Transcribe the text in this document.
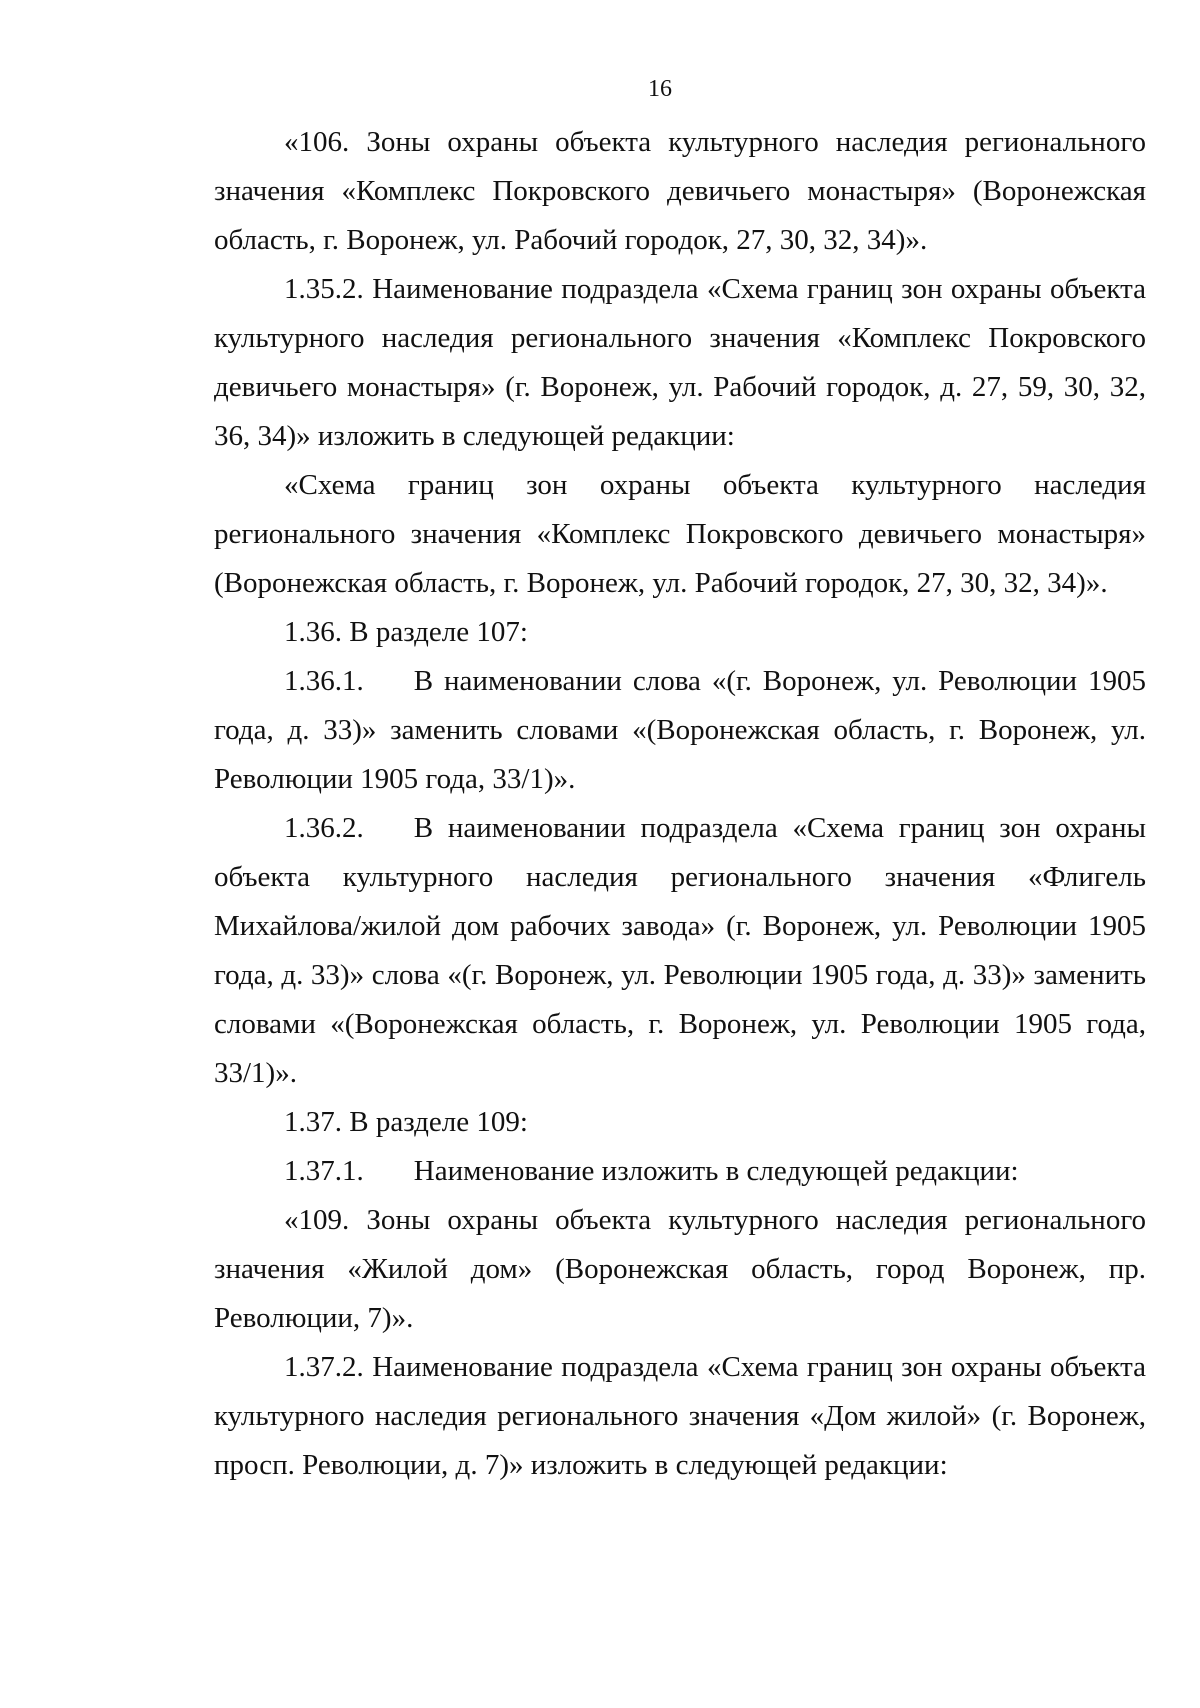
16

«106. Зоны охраны объекта культурного наследия регионального значения «Комплекс Покровского девичьего монастыря» (Воронежская область, г. Воронеж, ул. Рабочий городок, 27, 30, 32, 34)».

1.35.2. Наименование подраздела «Схема границ зон охраны объекта культурного наследия регионального значения «Комплекс Покровского девичьего монастыря» (г. Воронеж, ул. Рабочий городок, д. 27, 59, 30, 32, 36, 34)» изложить в следующей редакции:

«Схема границ зон охраны объекта культурного наследия регионального значения «Комплекс Покровского девичьего монастыря» (Воронежская область, г. Воронеж, ул. Рабочий городок, 27, 30, 32, 34)».

1.36. В разделе 107:

1.36.1. В наименовании слова «(г. Воронеж, ул. Революции 1905 года, д. 33)» заменить словами «(Воронежская область, г. Воронеж, ул. Революции 1905 года, 33/1)».

1.36.2. В наименовании подраздела «Схема границ зон охраны объекта культурного наследия регионального значения «Флигель Михайлова/жилой дом рабочих завода» (г. Воронеж, ул. Революции 1905 года, д. 33)» слова «(г. Воронеж, ул. Революции 1905 года, д. 33)» заменить словами «(Воронежская область, г. Воронеж, ул. Революции 1905 года, 33/1)».

1.37. В разделе 109:

1.37.1. Наименование изложить в следующей редакции:

«109. Зоны охраны объекта культурного наследия регионального значения «Жилой дом» (Воронежская область, город Воронеж, пр. Революции, 7)».

1.37.2. Наименование подраздела «Схема границ зон охраны объекта культурного наследия регионального значения «Дом жилой» (г. Воронеж, просп. Революции, д. 7)» изложить в следующей редакции:
